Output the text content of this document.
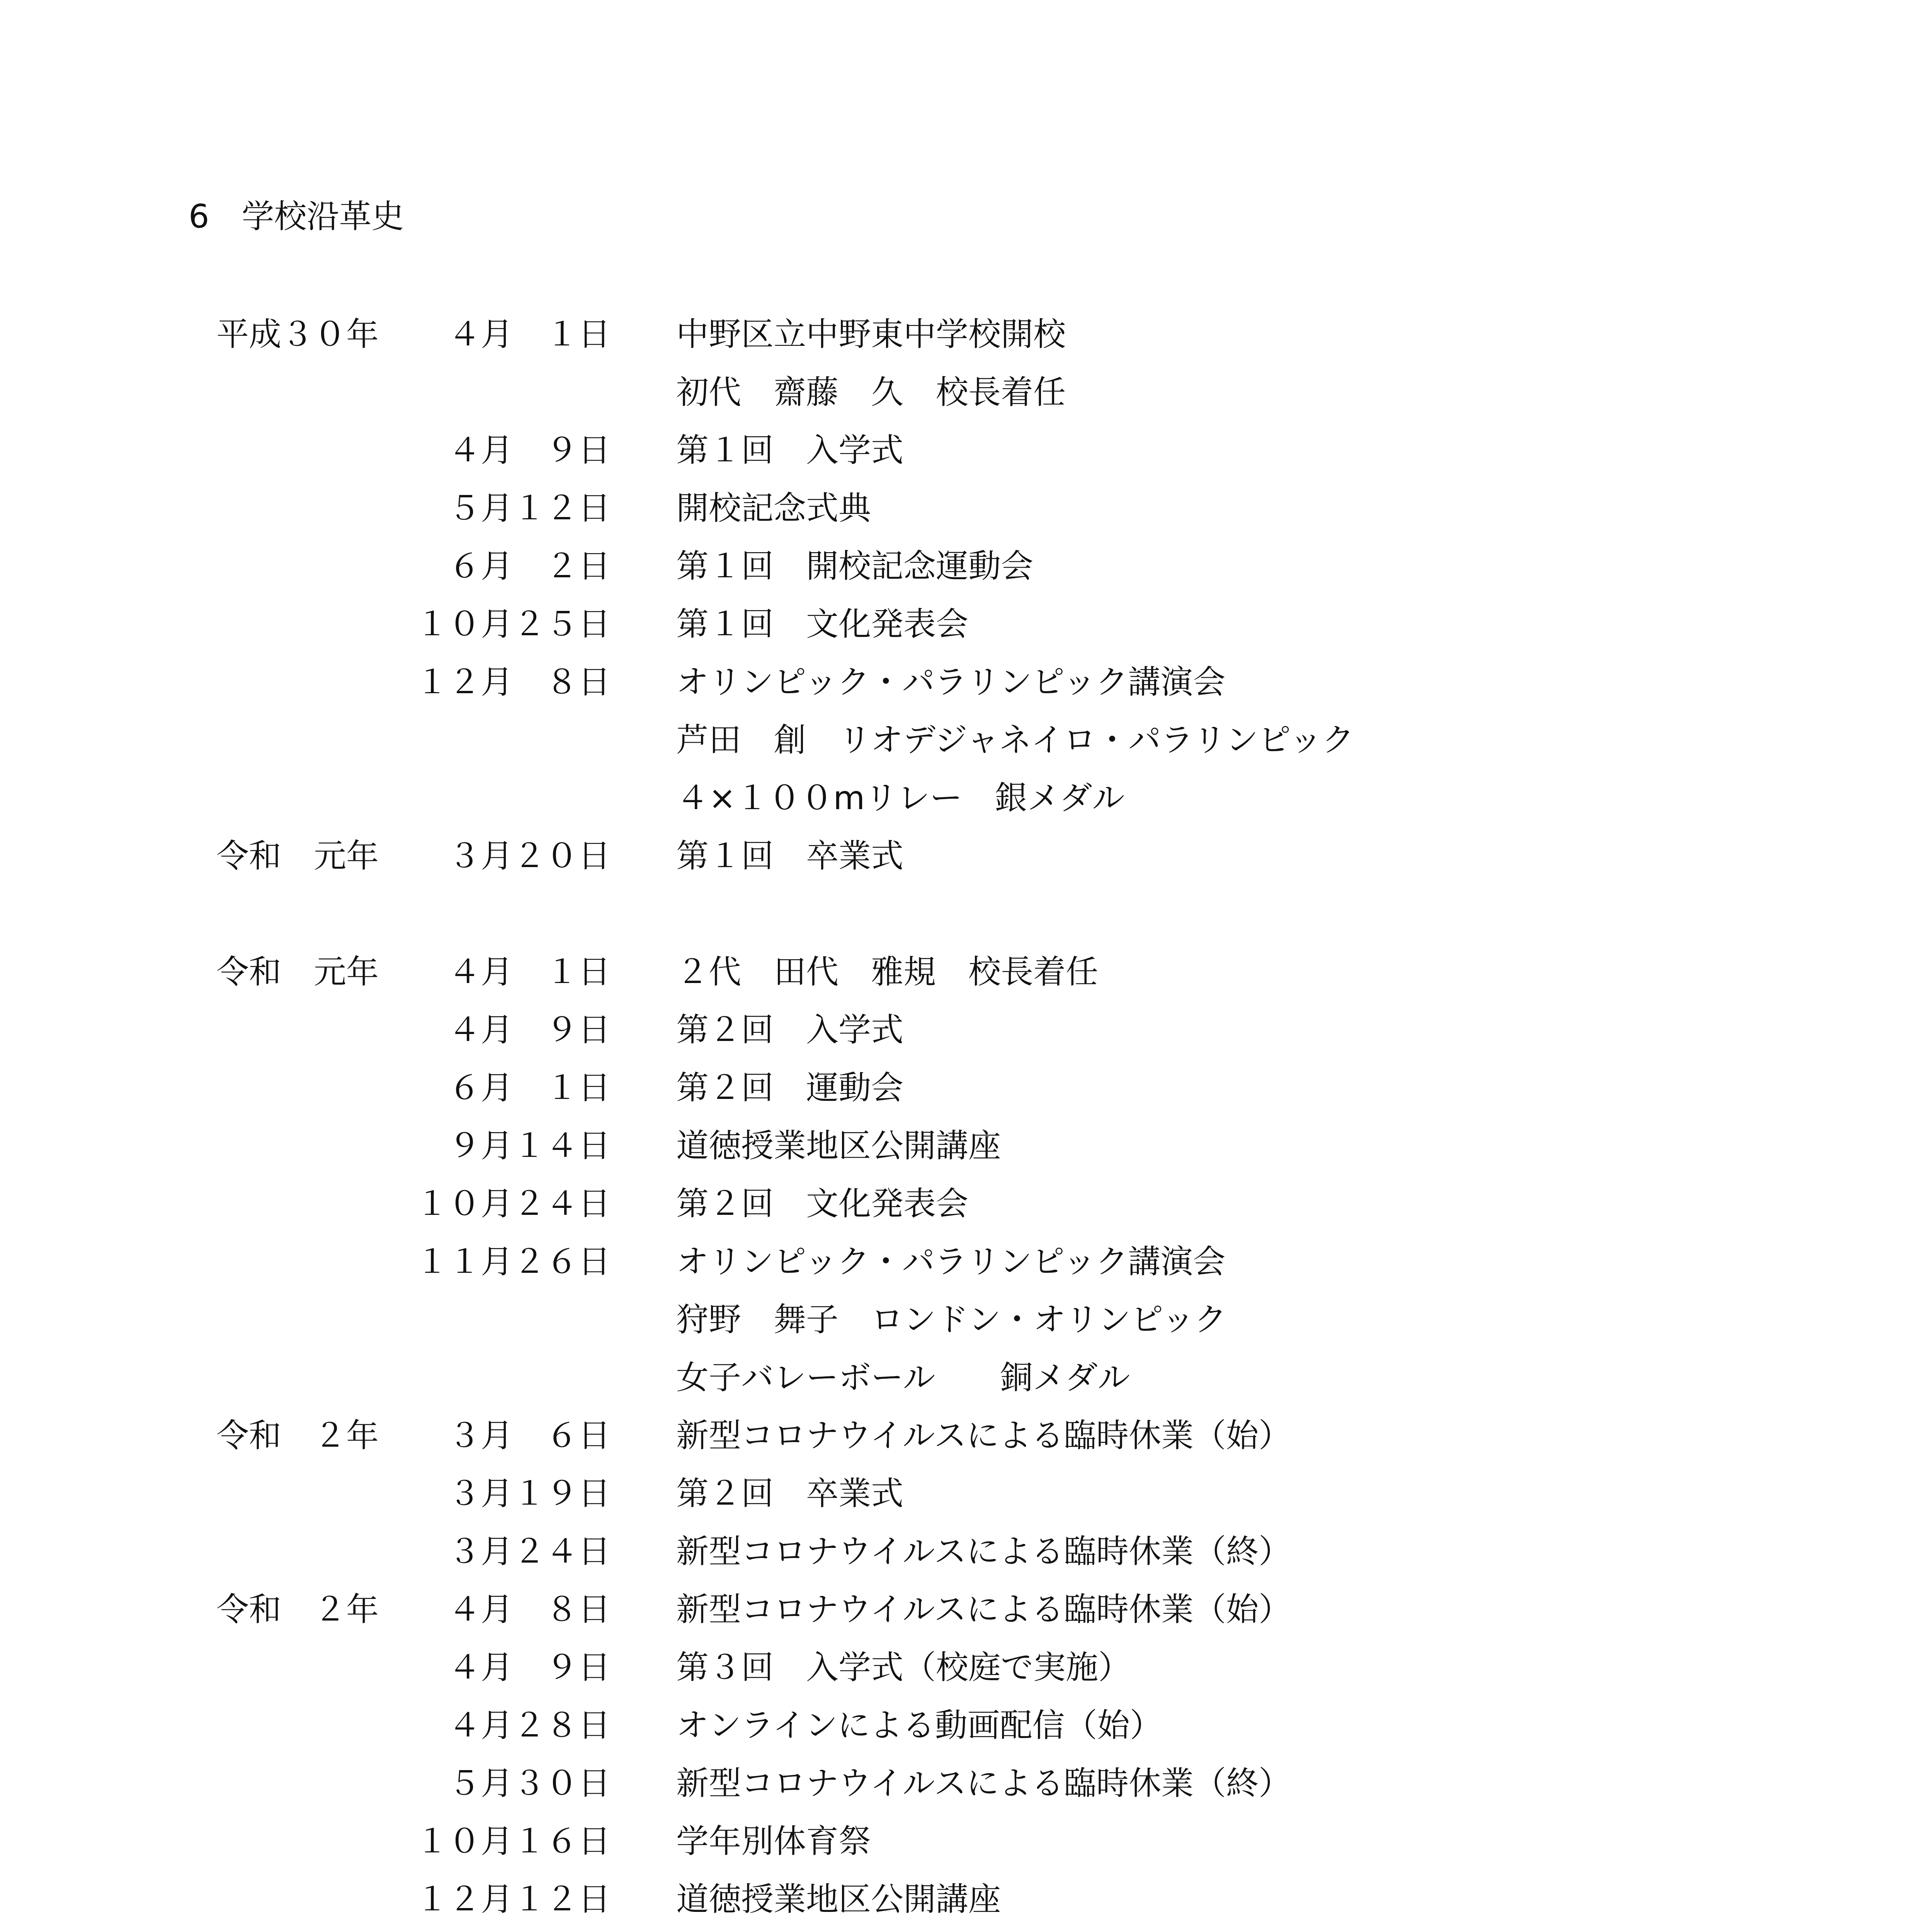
6　学校沿革史
平成３０年	４月　１日 中野区立中野東中学校開校
初代　齋藤　久　校長着任
４月　９日 第１回　入学式
５月１２日 開校記念式典
６月　２日 第１回　開校記念運動会
１０月２５日 第１回　文化発表会
１２月　８日 オリンピック・パラリンピック講演会
芦田　創　リオデジャネイロ・パラリンピック
４×１００mリレー　銀メダル
令和　元年	３月２０日 第１回　卒業式
令和　元年	４月　１日 ２代　田代　雅規　校長着任
４月　９日 第２回　入学式
６月　１日 第２回　運動会
９月１４日 道徳授業地区公開講座
１０月２４日 第２回　文化発表会
１１月２６日 オリンピック・パラリンピック講演会
狩野　舞子　ロンドン・オリンピック
女子バレーボール　　銅メダル
令和　２年	３月　６日 新型コロナウイルスによる臨時休業（始）
３月１９日 第２回　卒業式
３月２４日 新型コロナウイルスによる臨時休業（終）
令和　２年	４月　８日 新型コロナウイルスによる臨時休業（始）
４月　９日 第３回　入学式（校庭で実施）
４月２８日 オンラインによる動画配信（始）
５月３０日 新型コロナウイルスによる臨時休業（終）
１０月１６日 学年別体育祭
１２月１２日 道徳授業地区公開講座
